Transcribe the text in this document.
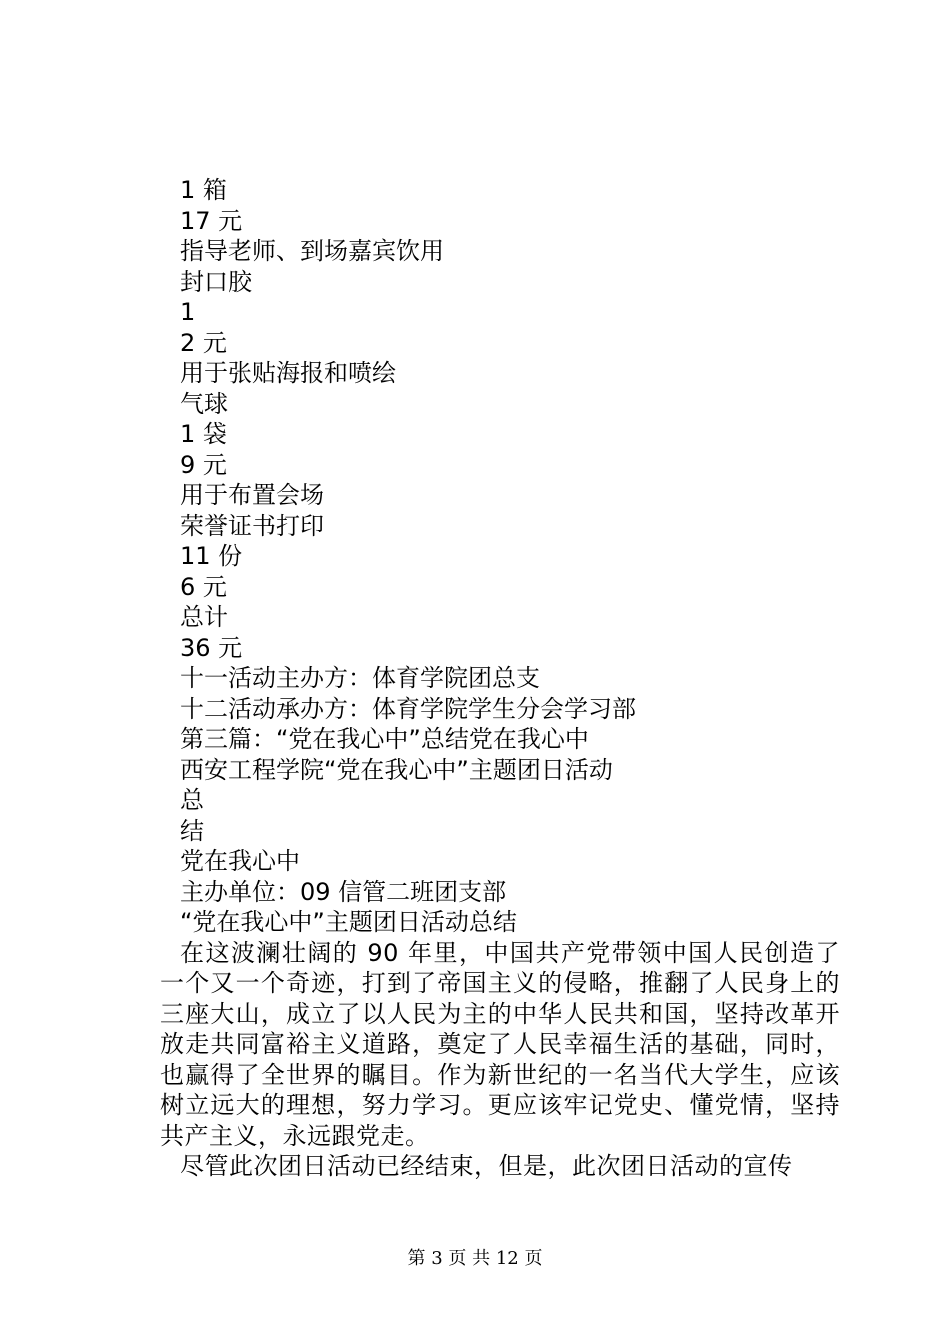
1 箱
17 元
指导老师、到场嘉宾饮用
封口胶
1
2 元
用于张贴海报和喷绘
气球
1 袋
9 元
用于布置会场
荣誉证书打印
11 份
6 元
总计
36 元
十一活动主办方：体育学院团总支
十二活动承办方：体育学院学生分会学习部
第三篇：“党在我心中”总结党在我心中
西安工程学院“党在我心中”主题团日活动
总
结
党在我心中
主办单位：09 信管二班团支部
“党在我心中”主题团日活动总结

在这波澜壮阔的 90 年里，中国共产党带领中国人民创造了一个又一个奇迹，打到了帝国主义的侵略，推翻了人民身上的三座大山，成立了以人民为主的中华人民共和国，坚持改革开放走共同富裕主义道路，奠定了人民幸福生活的基础，同时，也赢得了全世界的瞩目。作为新世纪的一名当代大学生，应该树立远大的理想，努力学习。更应该牢记党史、懂党情，坚持共产主义，永远跟党走。

尽管此次团日活动已经结束，但是，此次团日活动的宣传

第 3 页 共 12 页
